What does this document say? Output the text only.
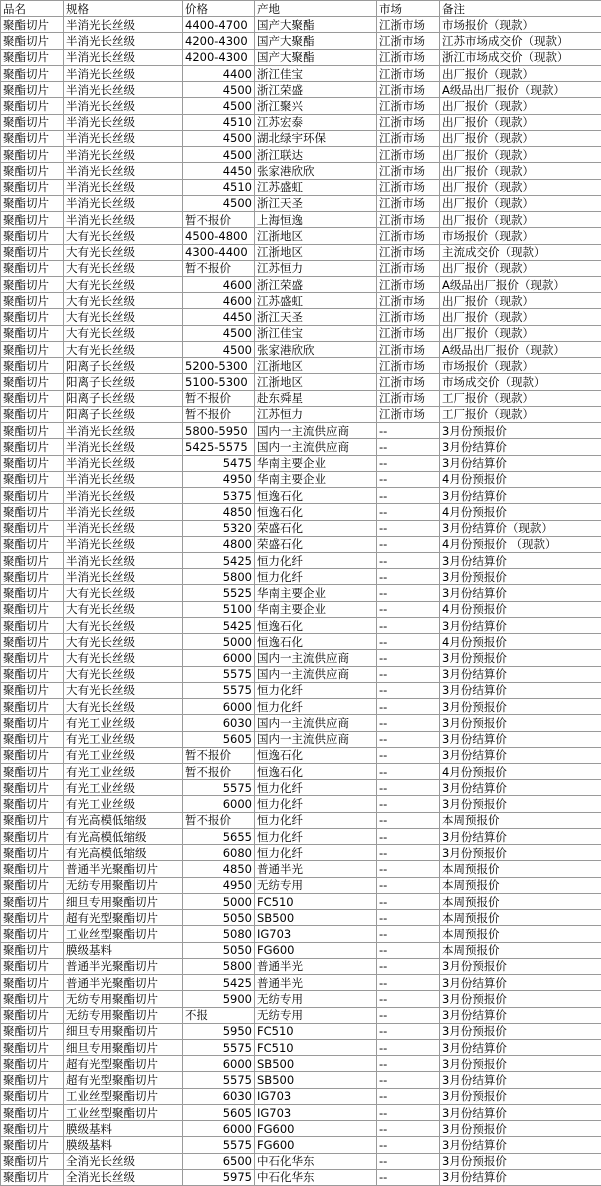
品名	规格	价格	产地	市场	备注
聚酯切片	半消光长丝级	4400-4700	国产大聚酯	江浙市场	市场报价（现款）
聚酯切片	半消光长丝级	4200-4300	国产大聚酯	江浙市场	江苏市场成交价（现款）
聚酯切片	半消光长丝级	4200-4300	国产大聚酯	江浙市场	浙江市场成交价（现款）
聚酯切片	半消光长丝级	4400	浙江佳宝	江浙市场	出厂报价（现款）
聚酯切片	半消光长丝级	4500	浙江荣盛	江浙市场	A级品出厂报价（现款）
聚酯切片	半消光长丝级	4500	浙江聚兴	江浙市场	出厂报价（现款）
聚酯切片	半消光长丝级	4510	江苏宏泰	江浙市场	出厂报价（现款）
聚酯切片	半消光长丝级	4500	湖北绿宇环保	江浙市场	出厂报价（现款）
聚酯切片	半消光长丝级	4500	浙江联达	江浙市场	出厂报价（现款）
聚酯切片	半消光长丝级	4450	张家港欣欣	江浙市场	出厂报价（现款）
聚酯切片	半消光长丝级	4510	江苏盛虹	江浙市场	出厂报价（现款）
聚酯切片	半消光长丝级	4500	浙江天圣	江浙市场	出厂报价（现款）
聚酯切片	半消光长丝级	暂不报价	上海恒逸	江浙市场	出厂报价（现款）
聚酯切片	大有光长丝级	4500-4800	江浙地区	江浙市场	市场报价（现款）
聚酯切片	大有光长丝级	4300-4400	江浙地区	江浙市场	主流成交价（现款）
聚酯切片	大有光长丝级	暂不报价	江苏恒力	江浙市场	出厂报价（现款）
聚酯切片	大有光长丝级	4600	浙江荣盛	江浙市场	A级品出厂报价（现款）
聚酯切片	大有光长丝级	4600	江苏盛虹	江浙市场	出厂报价（现款）
聚酯切片	大有光长丝级	4450	浙江天圣	江浙市场	出厂报价（现款）
聚酯切片	大有光长丝级	4500	浙江佳宝	江浙市场	出厂报价（现款）
聚酯切片	大有光长丝级	4500	张家港欣欣	江浙市场	A级品出厂报价（现款）
聚酯切片	阳离子长丝级	5200-5300	江浙地区	江浙市场	市场报价（现款）
聚酯切片	阳离子长丝级	5100-5300	江浙地区	江浙市场	市场成交价（现款）
聚酯切片	阳离子长丝级	暂不报价	赴东舜星	江浙市场	工厂报价（现款）
聚酯切片	阳离子长丝级	暂不报价	江苏恒力	江浙市场	工厂报价（现款）
聚酯切片	半消光长丝级	5800-5950	国内一主流供应商	--	3月份预报价
聚酯切片	半消光长丝级	5425-5575	国内一主流供应商	--	3月份结算价
聚酯切片	半消光长丝级	5475	华南主要企业	--	3月份结算价
聚酯切片	半消光长丝级	4950	华南主要企业	--	4月份预报价
聚酯切片	半消光长丝级	5375	恒逸石化	--	3月份结算价
聚酯切片	半消光长丝级	4850	恒逸石化	--	4月份预报价
聚酯切片	半消光长丝级	5320	荣盛石化	--	3月份结算价（现款）
聚酯切片	半消光长丝级	4800	荣盛石化	--	4月份预报价 （现款）
聚酯切片	半消光长丝级	5425	恒力化纤	--	3月份结算价
聚酯切片	半消光长丝级	5800	恒力化纤	--	3月份预报价
聚酯切片	大有光长丝级	5525	华南主要企业	--	3月份结算价
聚酯切片	大有光长丝级	5100	华南主要企业	--	4月份预报价
聚酯切片	大有光长丝级	5425	恒逸石化	--	3月份结算价
聚酯切片	大有光长丝级	5000	恒逸石化	--	4月份预报价
聚酯切片	大有光长丝级	6000	国内一主流供应商	--	3月份预报价
聚酯切片	大有光长丝级	5575	国内一主流供应商	--	3月份结算价
聚酯切片	大有光长丝级	5575	恒力化纤	--	3月份结算价
聚酯切片	大有光长丝级	6000	恒力化纤	--	3月份预报价
聚酯切片	有光工业丝级	6030	国内一主流供应商	--	3月份预报价
聚酯切片	有光工业丝级	5605	国内一主流供应商	--	3月份结算价
聚酯切片	有光工业丝级	暂不报价	恒逸石化	--	3月份结算价
聚酯切片	有光工业丝级	暂不报价	恒逸石化	--	4月份预报价
聚酯切片	有光工业丝级	5575	恒力化纤	--	3月份结算价
聚酯切片	有光工业丝级	6000	恒力化纤	--	3月份预报价
聚酯切片	有光高模低缩级	暂不报价	恒力化纤	--	本周预报价
聚酯切片	有光高模低缩级	5655	恒力化纤	--	3月份结算价
聚酯切片	有光高模低缩级	6080	恒力化纤	--	3月份预报价
聚酯切片	普通半光聚酯切片	4850	普通半光	--	本周预报价
聚酯切片	无纺专用聚酯切片	4950	无纺专用	--	本周预报价
聚酯切片	细旦专用聚酯切片	5000	FC510	--	本周预报价
聚酯切片	超有光型聚酯切片	5050	SB500	--	本周预报价
聚酯切片	工业丝型聚酯切片	5080	IG703	--	本周预报价
聚酯切片	膜级基料	5050	FG600	--	本周预报价
聚酯切片	普通半光聚酯切片	5800	普通半光	--	3月份预报价
聚酯切片	普通半光聚酯切片	5425	普通半光	--	3月份结算价
聚酯切片	无纺专用聚酯切片	5900	无纺专用	--	3月份预报价
聚酯切片	无纺专用聚酯切片	不报	无纺专用	--	3月份结算价
聚酯切片	细旦专用聚酯切片	5950	FC510	--	3月份预报价
聚酯切片	细旦专用聚酯切片	5575	FC510	--	3月份结算价
聚酯切片	超有光型聚酯切片	6000	SB500	--	3月份预报价
聚酯切片	超有光型聚酯切片	5575	SB500	--	3月份结算价
聚酯切片	工业丝型聚酯切片	6030	IG703	--	3月份预报价
聚酯切片	工业丝型聚酯切片	5605	IG703	--	3月份结算价
聚酯切片	膜级基料	6000	FG600	--	3月份预报价
聚酯切片	膜级基料	5575	FG600	--	3月份结算价
聚酯切片	全消光长丝级	6500	中石化华东	--	3月份预报价
聚酯切片	全消光长丝级	5975	中石化华东	--	3月份结算价
